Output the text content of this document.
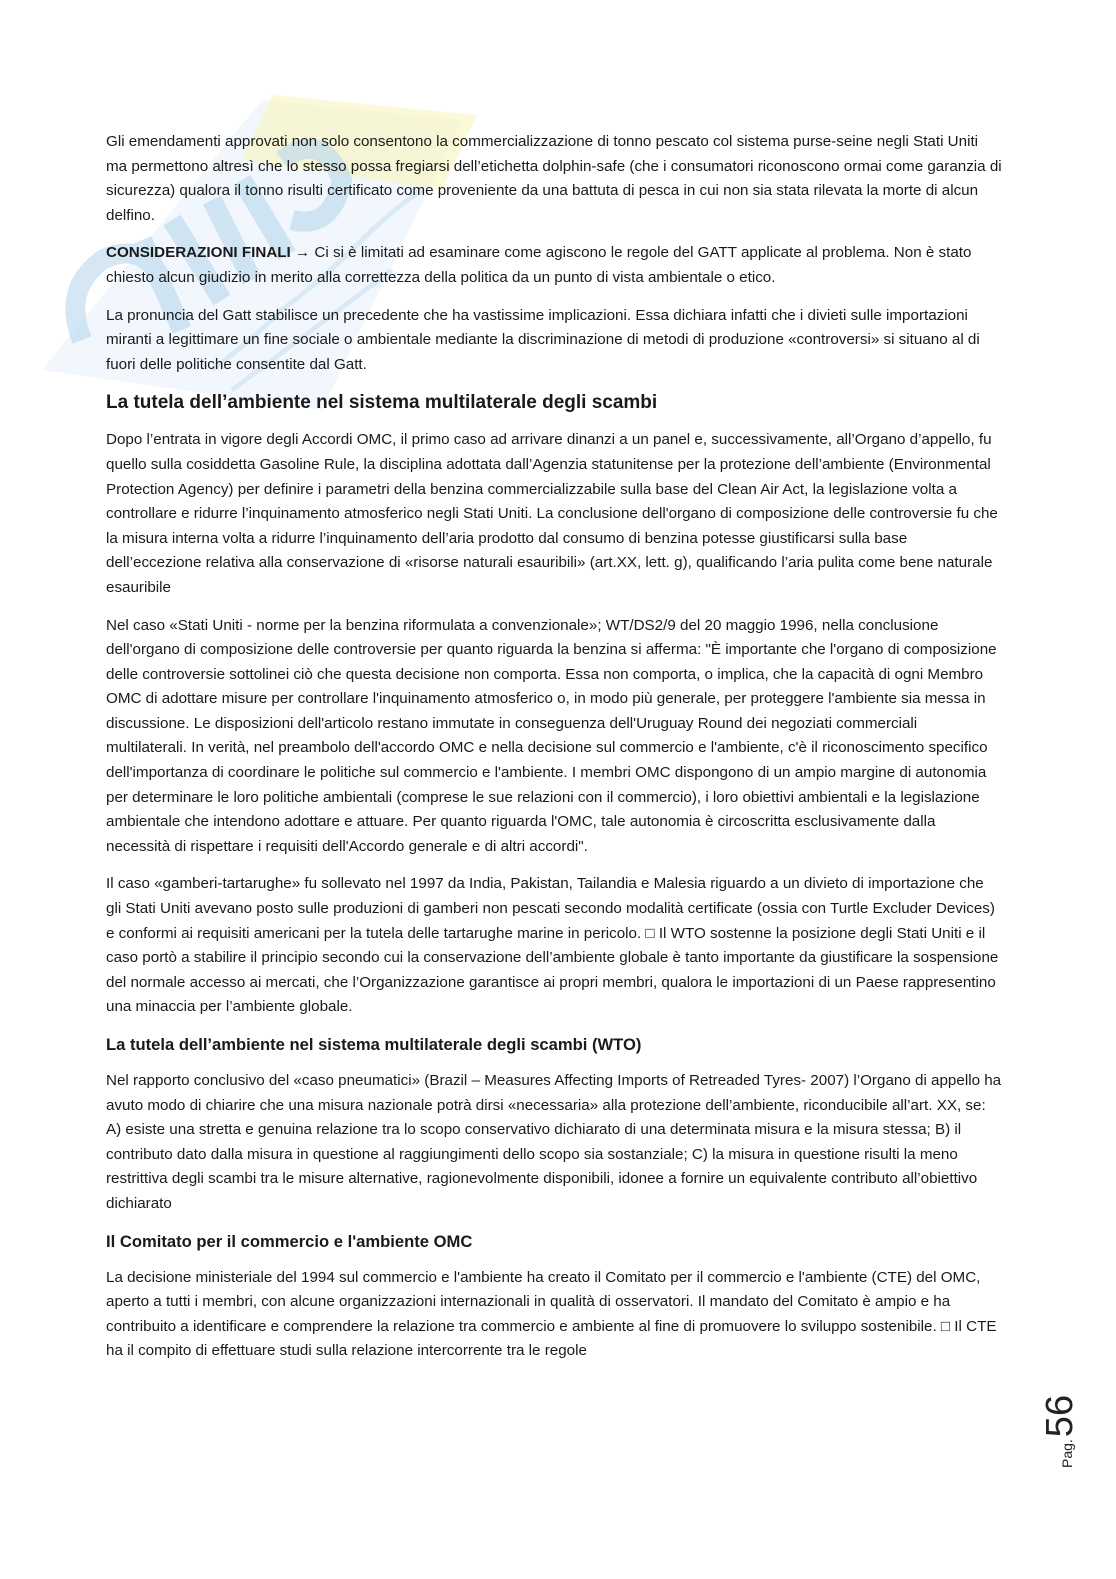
Gli emendamenti approvati non solo consentono la commercializzazione di tonno pescato col sistema purse-seine negli Stati Uniti ma permettono altresì che lo stesso possa fregiarsi dell’etichetta dolphin-safe (che i consumatori riconoscono ormai come garanzia di sicurezza) qualora il tonno risulti certificato come proveniente da una battuta di pesca in cui non sia stata rilevata la morte di alcun delfino.

CONSIDERAZIONI FINALI → Ci si è limitati ad esaminare come agiscono le regole del GATT applicate al problema. Non è stato chiesto alcun giudizio in merito alla correttezza della politica da un punto di vista ambientale o etico.

La pronuncia del Gatt stabilisce un precedente che ha vastissime implicazioni. Essa dichiara infatti che i divieti sulle importazioni miranti a legittimare un fine sociale o ambientale mediante la discriminazione di metodi di produzione «controversi» si situano al di fuori delle politiche consentite dal Gatt.

La tutela dell’ambiente nel sistema multilaterale degli scambi

Dopo l’entrata in vigore degli Accordi OMC, il primo caso ad arrivare dinanzi a un panel e, successivamente, all’Organo d’appello, fu quello sulla cosiddetta Gasoline Rule, la disciplina adottata dall’Agenzia statunitense per la protezione dell’ambiente (Environmental Protection Agency) per definire i parametri della benzina commercializzabile sulla base del Clean Air Act, la legislazione volta a controllare e ridurre l’inquinamento atmosferico negli Stati Uniti. La conclusione dell'organo di composizione delle controversie fu che la misura interna volta a ridurre l’inquinamento dell’aria prodotto dal consumo di benzina potesse giustificarsi sulla base dell’eccezione relativa alla conservazione di «risorse naturali esauribili» (art.XX, lett. g), qualificando l’aria pulita come bene naturale esauribile

Nel caso «Stati Uniti - norme per la benzina riformulata a convenzionale»; WT/DS2/9 del 20 maggio 1996, nella conclusione dell'organo di composizione delle controversie per quanto riguarda la benzina si afferma: "È importante che l'organo di composizione delle controversie sottolinei ciò che questa decisione non comporta. Essa non comporta, o implica, che la capacità di ogni Membro OMC di adottare misure per controllare l'inquinamento atmosferico o, in modo più generale, per proteggere l'ambiente sia messa in discussione. Le disposizioni dell'articolo restano immutate in conseguenza dell'Uruguay Round dei negoziati commerciali multilaterali. In verità, nel preambolo dell'accordo OMC e nella decisione sul commercio e l'ambiente, c'è il riconoscimento specifico dell'importanza di coordinare le politiche sul commercio e l'ambiente. I membri OMC dispongono di un ampio margine di autonomia per determinare le loro politiche ambientali (comprese le sue relazioni con il commercio), i loro obiettivi ambientali e la legislazione ambientale che intendono adottare e attuare. Per quanto riguarda l'OMC, tale autonomia è circoscritta esclusivamente dalla necessità di rispettare i requisiti dell'Accordo generale e di altri accordi".

Il caso «gamberi-tartarughe» fu sollevato nel 1997 da India, Pakistan, Tailandia e Malesia riguardo a un divieto di importazione che gli Stati Uniti avevano posto sulle produzioni di gamberi non pescati secondo modalità certificate (ossia con Turtle Excluder Devices) e conformi ai requisiti americani per la tutela delle tartarughe marine in pericolo. □ Il WTO sostenne la posizione degli Stati Uniti e il caso portò a stabilire il principio secondo cui la conservazione dell’ambiente globale è tanto importante da giustificare la sospensione del normale accesso ai mercati, che l’Organizzazione garantisce ai propri membri, qualora le importazioni di un Paese rappresentino una minaccia per l’ambiente globale.

La tutela dell’ambiente nel sistema multilaterale degli scambi (WTO)

Nel rapporto conclusivo del «caso pneumatici» (Brazil – Measures Affecting Imports of Retreaded Tyres- 2007) l’Organo di appello ha avuto modo di chiarire che una misura nazionale potrà dirsi «necessaria» alla protezione dell’ambiente, riconducibile all’art. XX, se: A) esiste una stretta e genuina relazione tra lo scopo conservativo dichiarato di una determinata misura e la misura stessa; B) il contributo dato dalla misura in questione al raggiungimenti dello scopo sia sostanziale; C) la misura in questione risulti la meno restrittiva degli scambi tra le misure alternative, ragionevolmente disponibili, idonee a fornire un equivalente contributo all’obiettivo dichiarato

Il Comitato per il commercio e l'ambiente OMC

La decisione ministeriale del 1994 sul commercio e l'ambiente ha creato il Comitato per il commercio e l'ambiente (CTE) del OMC, aperto a tutti i membri, con alcune organizzazioni internazionali in qualità di osservatori. Il mandato del Comitato è ampio e ha contribuito a identificare e comprendere la relazione tra commercio e ambiente al fine di promuovere lo sviluppo sostenibile. □ Il CTE ha il compito di effettuare studi sulla relazione intercorrente tra le regole

Pag.56
